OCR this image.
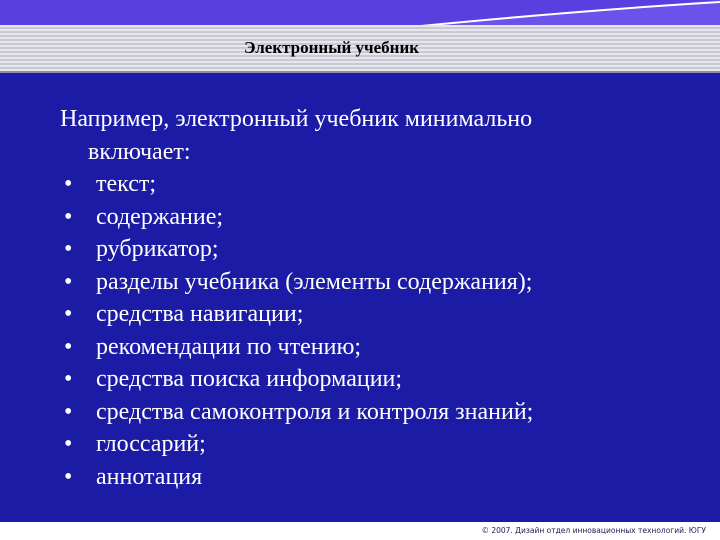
Электронный учебник

Например, электронный учебник минимально
включает:

• текст;
• содержание;
• рубрикатор;
• разделы учебника (элементы содержания);
• средства навигации;
• рекомендации по чтению;
• средства поиска информации;
• средства самоконтроля и контроля знаний;
• глоссарий;
• аннотация
© 2007. Дизайн отдел инновационных технологий. ЮГУ
